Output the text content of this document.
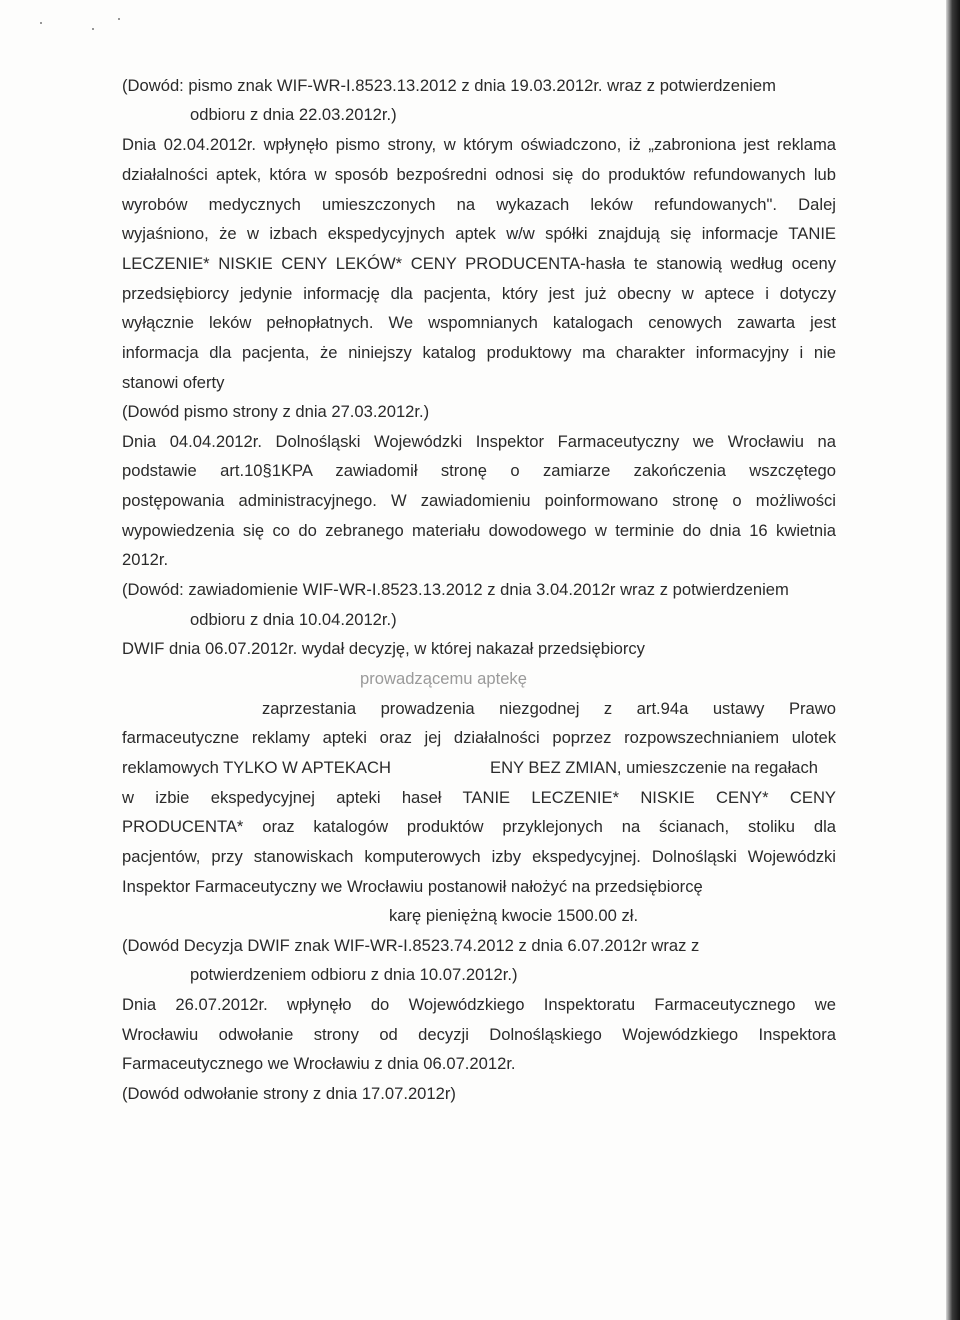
(Dowód: pismo znak WIF-WR-I.8523.13.2012 z dnia 19.03.2012r. wraz z potwierdzeniem
odbioru z dnia 22.03.2012r.)
Dnia 02.04.2012r. wpłynęło pismo strony, w którym oświadczono, iż „zabroniona jest reklama
działalności aptek, która w sposób bezpośredni odnosi się do produktów refundowanych lub
wyrobów medycznych umieszczonych na wykazach leków refundowanych". Dalej
wyjaśniono, że w izbach ekspedycyjnych aptek w/w spółki znajdują się informacje TANIE
LECZENIE* NISKIE CENY LEKÓW* CENY PRODUCENTA-hasła te stanowią według oceny
przedsiębiorcy jedynie informację dla pacjenta, który jest już obecny w aptece i dotyczy
wyłącznie leków pełnopłatnych. We wspomnianych katalogach cenowych zawarta jest
informacja dla pacjenta, że niniejszy katalog produktowy ma charakter informacyjny i nie
stanowi oferty
(Dowód pismo strony z dnia 27.03.2012r.)
Dnia 04.04.2012r. Dolnośląski Wojewódzki Inspektor Farmaceutyczny we Wrocławiu na
podstawie art.10§1KPA zawiadomił stronę o zamiarze zakończenia wszczętego
postępowania administracyjnego. W zawiadomieniu poinformowano stronę o możliwości
wypowiedzenia się co do zebranego materiału dowodowego w terminie do dnia 16 kwietnia
2012r.
(Dowód: zawiadomienie WIF-WR-I.8523.13.2012 z dnia 3.04.2012r wraz z potwierdzeniem
odbioru z dnia 10.04.2012r.)
DWIF dnia 06.07.2012r. wydał decyzję, w której nakazał przedsiębiorcy
prowadzącemu aptekę
zaprzestania prowadzenia niezgodnej z art.94a ustawy Prawo
farmaceutyczne reklamy apteki oraz jej działalności poprzez rozpowszechnianiem ulotek
reklamowych TYLKO W APTEKACH	ENY BEZ ZMIAN, umieszczenie na regałach
w izbie ekspedycyjnej apteki haseł TANIE LECZENIE* NISKIE CENY* CENY
PRODUCENTA* oraz katalogów produktów przyklejonych na ścianach, stoliku dla
pacjentów, przy stanowiskach komputerowych izby ekspedycyjnej. Dolnośląski Wojewódzki
Inspektor Farmaceutyczny we Wrocławiu postanowił nałożyć na przedsiębiorcę
karę pieniężną kwocie 1500.00 zł.
(Dowód Decyzja DWIF znak WIF-WR-I.8523.74.2012 z dnia 6.07.2012r wraz z
potwierdzeniem odbioru z dnia 10.07.2012r.)
Dnia 26.07.2012r. wpłynęło do Wojewódzkiego Inspektoratu Farmaceutycznego we
Wrocławiu odwołanie strony od decyzji Dolnośląskiego Wojewódzkiego Inspektora
Farmaceutycznego we Wrocławiu z dnia 06.07.2012r.
(Dowód odwołanie strony z dnia 17.07.2012r)
